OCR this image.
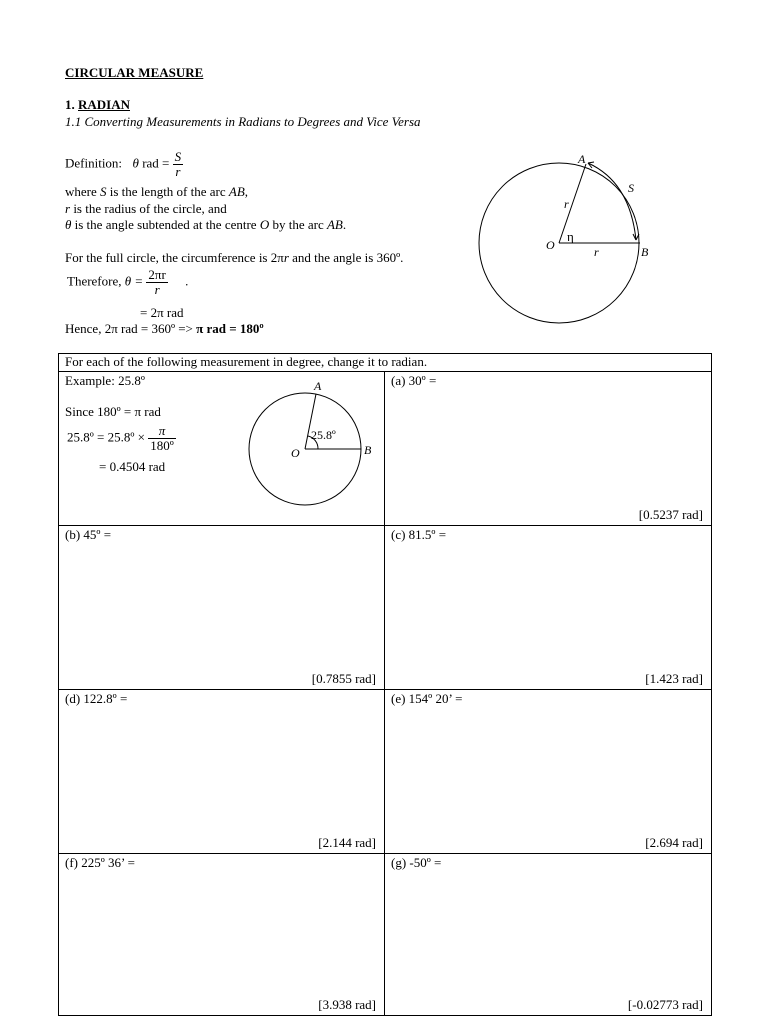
CIRCULAR MEASURE
1. RADIAN
1.1 Converting Measurements in Radians to Degrees and Vice Versa
Definition: θ rad = $\frac{S}{r}$
where S is the length of the arc AB,
r is the radius of the circle, and
θ is the angle subtended at the centre O by the arc AB.
For the full circle, the circumference is 2πr and the angle is 360º.
Therefore, $\theta = \frac{2\pi r}{r}$ .
= 2π rad
Hence, 2π rad = 360º => π rad = 180º
A
S
r
O	r	B
η
For each of the following measurement in degree, change it to radian.
Example: 25.8º
Since 180º = π rad
25.8º = 25.8º × $\frac{\pi}{\text{180º}}$
= 0.4504 rad
A
O	B
25.8º
(a) 30º =
[0.5237 rad]
(b) 45º =
[0.7855 rad]
(c) 81.5º =
[1.423 rad]
(d) 122.8º =
[2.144 rad]
(e) 154º 20’ =
[2.694 rad]
(f) 225º 36’ =
[3.938 rad]
(g) -50º =
[-0.02773 rad]
